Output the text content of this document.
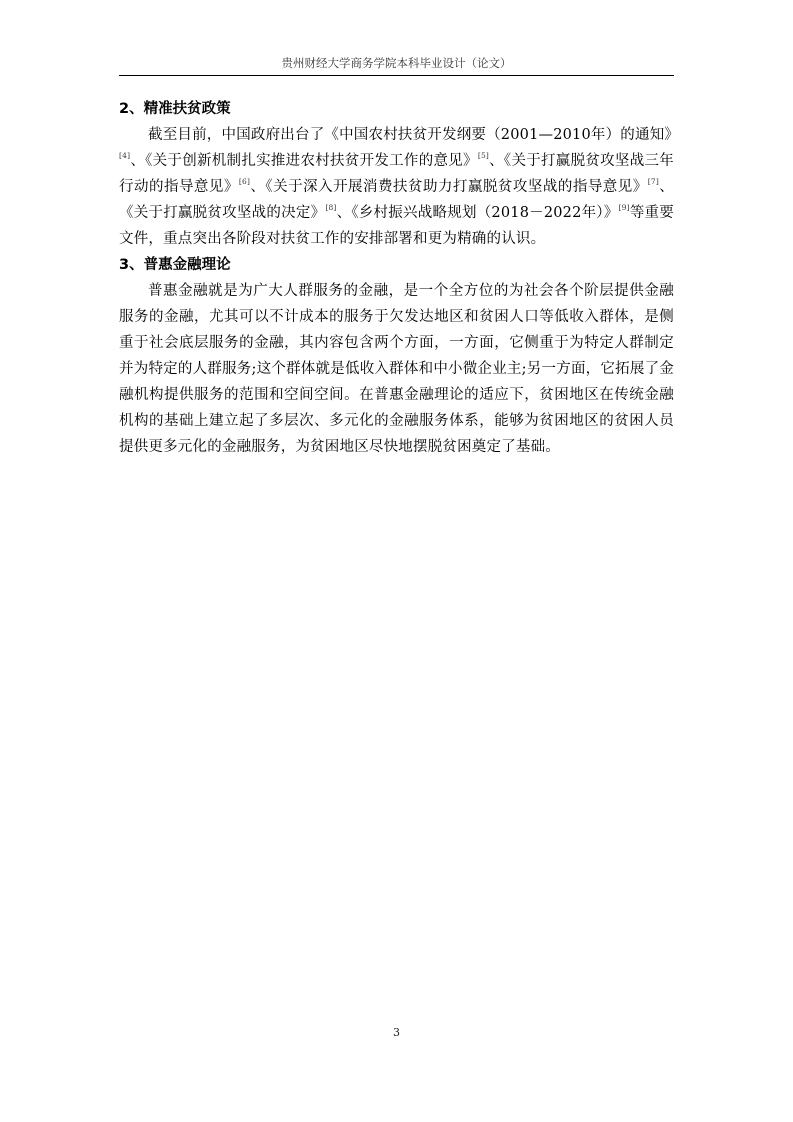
贵州财经大学商务学院本科毕业设计（论文）

2、精准扶贫政策

截至目前，中国政府出台了《中国农村扶贫开发纲要（2001—2010年）的通知》[4]、《关于创新机制扎实推进农村扶贫开发工作的意见》[5]、《关于打赢脱贫攻坚战三年行动的指导意见》[6]、《关于深入开展消费扶贫助力打赢脱贫攻坚战的指导意见》[7]、《关于打赢脱贫攻坚战的决定》[8]、《乡村振兴战略规划（2018－2022年）》[9]等重要文件，重点突出各阶段对扶贫工作的安排部署和更为精确的认识。

3、普惠金融理论

普惠金融就是为广大人群服务的金融，是一个全方位的为社会各个阶层提供金融服务的金融，尤其可以不计成本的服务于欠发达地区和贫困人口等低收入群体，是侧重于社会底层服务的金融，其内容包含两个方面，一方面，它侧重于为特定人群制定并为特定的人群服务;这个群体就是低收入群体和中小微企业主;另一方面，它拓展了金融机构提供服务的范围和空间空间。在普惠金融理论的适应下，贫困地区在传统金融机构的基础上建立起了多层次、多元化的金融服务体系，能够为贫困地区的贫困人员提供更多元化的金融服务，为贫困地区尽快地摆脱贫困奠定了基础。

3
